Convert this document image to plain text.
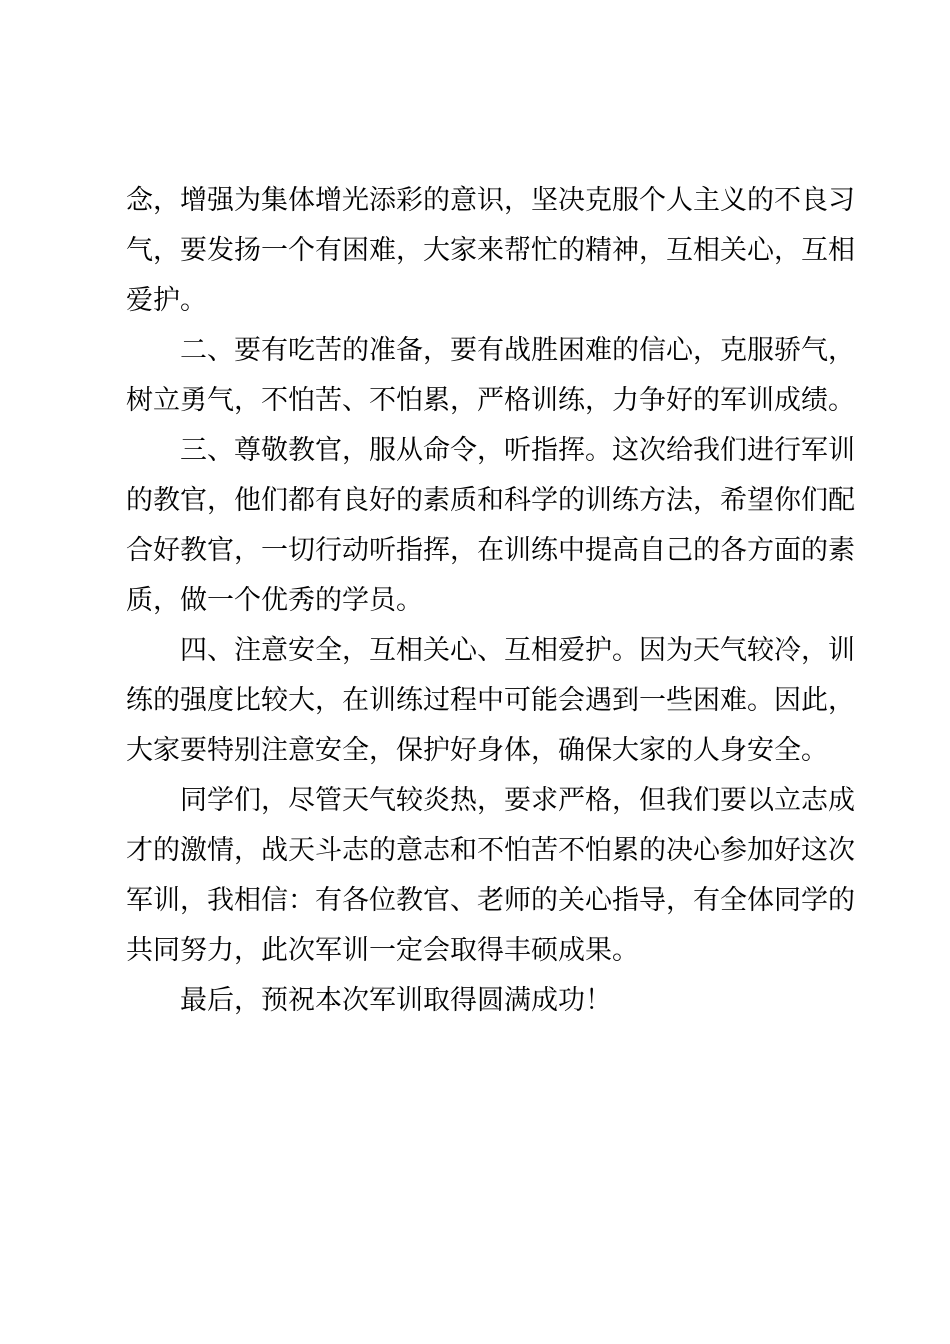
念，增强为集体增光添彩的意识，坚决克服个人主义的不良习
气，要发扬一个有困难，大家来帮忙的精神，互相关心，互相
爱护。
二、要有吃苦的准备，要有战胜困难的信心，克服骄气，
树立勇气，不怕苦、不怕累，严格训练，力争好的军训成绩。
三、尊敬教官，服从命令，听指挥。这次给我们进行军训
的教官，他们都有良好的素质和科学的训练方法，希望你们配
合好教官，一切行动听指挥，在训练中提高自己的各方面的素
质，做一个优秀的学员。
四、注意安全，互相关心、互相爱护。因为天气较冷，训
练的强度比较大，在训练过程中可能会遇到一些困难。因此，
大家要特别注意安全，保护好身体，确保大家的人身安全。
同学们，尽管天气较炎热，要求严格，但我们要以立志成
才的激情，战天斗志的意志和不怕苦不怕累的决心参加好这次
军训，我相信：有各位教官、老师的关心指导，有全体同学的
共同努力，此次军训一定会取得丰硕成果。
最后，预祝本次军训取得圆满成功！
